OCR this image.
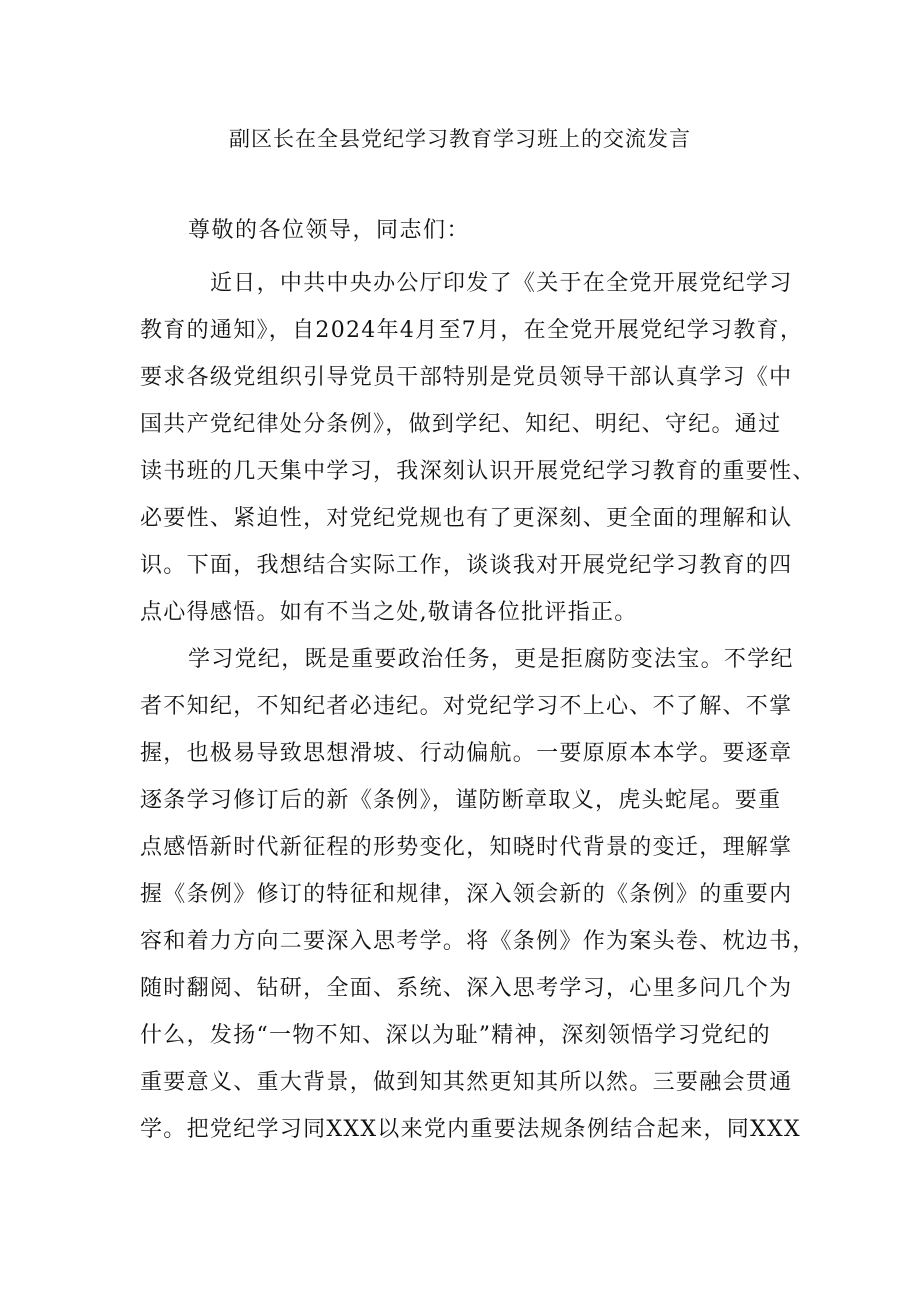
副区长在全县党纪学习教育学习班上的交流发言

尊敬的各位领导，同志们：

近日，中共中央办公厅印发了《关于在全党开展党纪学习
教育的通知》，自2024年4月至7月，在全党开展党纪学习教育，
要求各级党组织引导党员干部特别是党员领导干部认真学习《中
国共产党纪律处分条例》，做到学纪、知纪、明纪、守纪。通过
读书班的几天集中学习，我深刻认识开展党纪学习教育的重要性、
必要性、紧迫性，对党纪党规也有了更深刻、更全面的理解和认
识。下面，我想结合实际工作，谈谈我对开展党纪学习教育的四
点心得感悟。如有不当之处,敬请各位批评指正。

学习党纪，既是重要政治任务，更是拒腐防变法宝。不学纪
者不知纪，不知纪者必违纪。对党纪学习不上心、不了解、不掌
握，也极易导致思想滑坡、行动偏航。一要原原本本学。要逐章
逐条学习修订后的新《条例》，谨防断章取义，虎头蛇尾。要重
点感悟新时代新征程的形势变化，知晓时代背景的变迁，理解掌
握《条例》修订的特征和规律，深入领会新的《条例》的重要内
容和着力方向二要深入思考学。将《条例》作为案头卷、枕边书，
随时翻阅、钻研，全面、系统、深入思考学习，心里多问几个为
什么，发扬“一物不知、深以为耻”精神，深刻领悟学习党纪的
重要意义、重大背景，做到知其然更知其所以然。三要融会贯通
学。把党纪学习同XXX以来党内重要法规条例结合起来，同XXX
